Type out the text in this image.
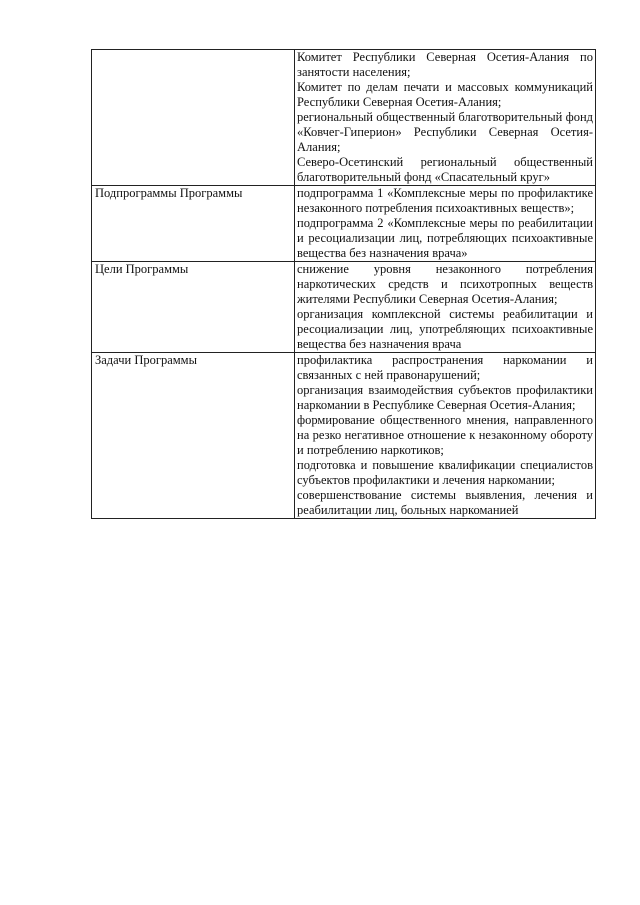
	Комитет Республики Северная Осетия-Алания по занятости населения;
Комитет по делам печати и массовых коммуникаций Республики Северная Осетия-Алания;
региональный общественный благотворительный фонд «Ковчег-Гиперион» Республики Северная Осетия-Алания;
Северо-Осетинский региональный общественный благотворительный фонд «Спасательный круг»

Подпрограммы Программы	подпрограмма 1 «Комплексные меры по профилактике незаконного потребления психоактивных веществ»;
подпрограмма 2 «Комплексные меры по реабилитации и ресоциализации лиц, потребляющих психоактивные вещества без назначения врача»

Цели Программы	снижение уровня незаконного потребления наркотических средств и психотропных веществ жителями Республики Северная Осетия-Алания;
организация комплексной системы реабилитации и ресоциализации лиц, употребляющих психоактивные вещества без назначения врача

Задачи Программы	профилактика распространения наркомании и связанных с ней правонарушений;
организация взаимодействия субъектов профилактики наркомании в Республике Северная Осетия-Алания;
формирование общественного мнения, направленного на резко негативное отношение к незаконному обороту и потреблению наркотиков;
подготовка и повышение квалификации специалистов субъектов профилактики и лечения наркомании;
совершенствование системы выявления, лечения и реабилитации лиц, больных наркоманией
